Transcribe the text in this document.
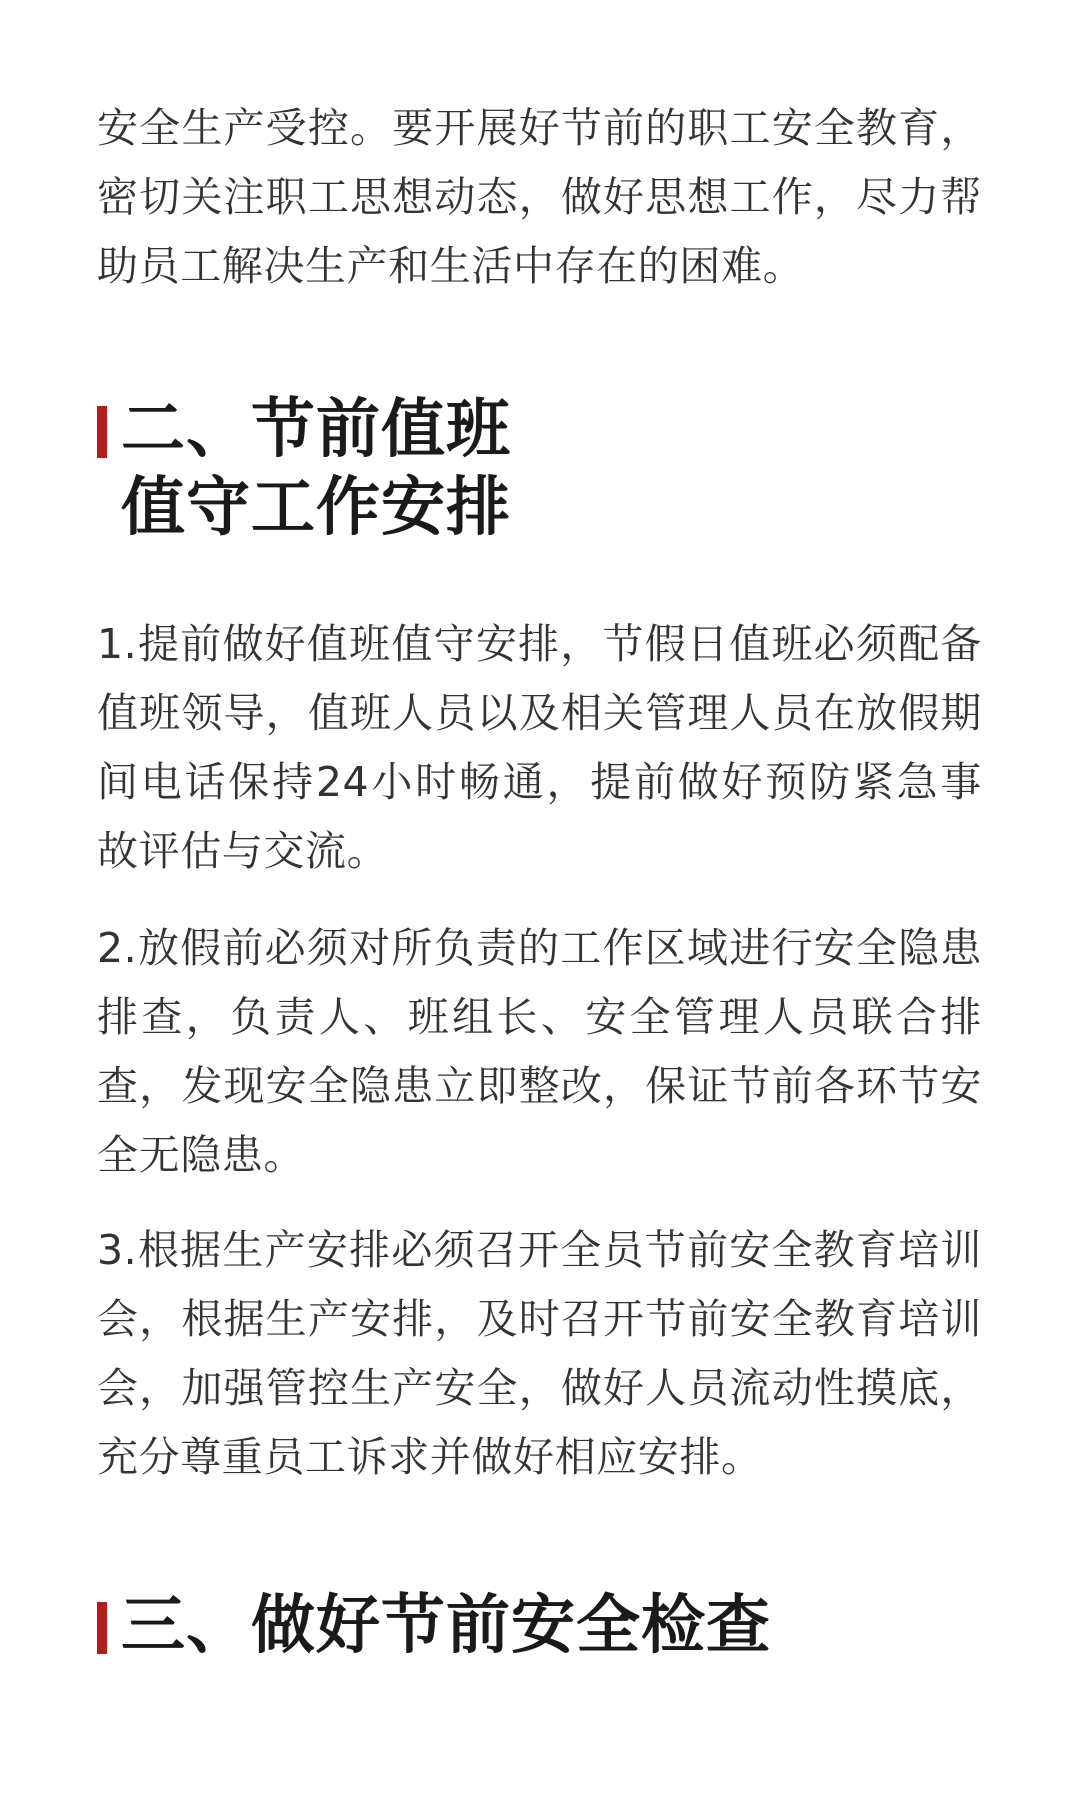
安全生产受控。要开展好节前的职工安全教育，密切关注职工思想动态，做好思想工作，尽力帮助员工解决生产和生活中存在的困难。

二、节前值班
值守工作安排

1.提前做好值班值守安排，节假日值班必须配备值班领导，值班人员以及相关管理人员在放假期间电话保持24小时畅通，提前做好预防紧急事故评估与交流。

2.放假前必须对所负责的工作区域进行安全隐患排查，负责人、班组长、安全管理人员联合排查，发现安全隐患立即整改，保证节前各环节安全无隐患。

3.根据生产安排必须召开全员节前安全教育培训会，根据生产安排，及时召开节前安全教育培训会，加强管控生产安全，做好人员流动性摸底，充分尊重员工诉求并做好相应安排。

三、做好节前安全检查
